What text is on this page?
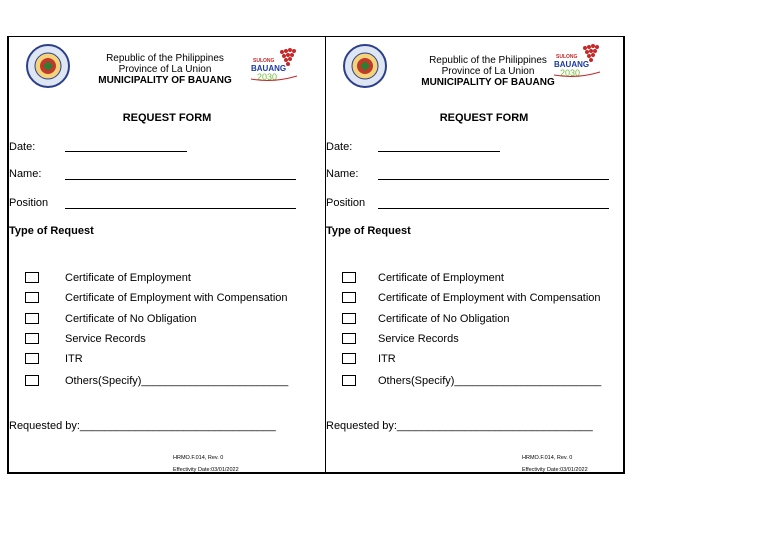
Republic of the Philippines
Province of La Union
MUNICIPALITY OF BAUANG
SULONG
BAUANG
2030
REQUEST FORM
Date:
Name:
Position
Type of Request
Certificate of Employment
Certificate of Employment with Compensation
Certificate of No Obligation
Service Records
ITR
Others(Specify)________________________
Requested by:________________________________
HRMO.F.014, Rev. 0
Effectivity Date:03/01/2022
Republic of the Philippines
Province of La Union
MUNICIPALITY OF BAUANG
SULONG
BAUANG
2030
REQUEST FORM
Date:
Name:
Position
Type of Request
Certificate of Employment
Certificate of Employment with Compensation
Certificate of No Obligation
Service Records
ITR
Others(Specify)________________________
Requested by:________________________________
HRMO.F.014, Rev. 0
Effectivity Date:03/01/2022
